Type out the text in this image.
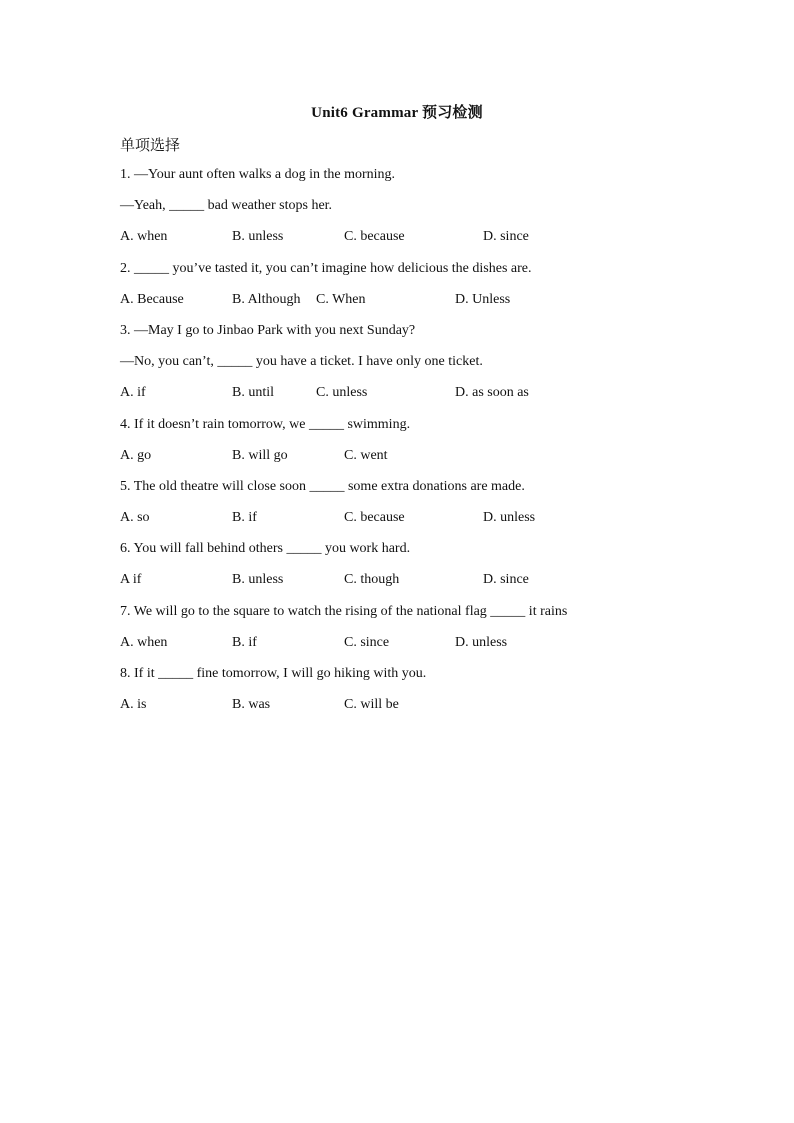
Unit6 Grammar 预习检测
单项选择
1. —Your aunt often walks a dog in the morning.
—Yeah, _____ bad weather stops her.
A. when	B. unless	C. because	D. since
2. _____ you’ve tasted it, you can’t imagine how delicious the dishes are.
A. Because	B. Although C. When	D. Unless
3. —May I go to Jinbao Park with you next Sunday?
—No, you can’t, _____ you have a ticket. I have only one ticket.
A. if	B. until	C. unless	D. as soon as
4. If it doesn’t rain tomorrow, we _____ swimming.
A. go	B. will go	C. went
5. The old theatre will close soon _____ some extra donations are made.
A. so	B. if	C. because	D. unless
6. You will fall behind others _____ you work hard.
A if	B. unless	C. though	D. since
7. We will go to the square to watch the rising of the national flag _____ it rains
A. when	B. if	C. since	D. unless
8. If it _____ fine tomorrow, I will go hiking with you.
A. is	B. was	C. will be
